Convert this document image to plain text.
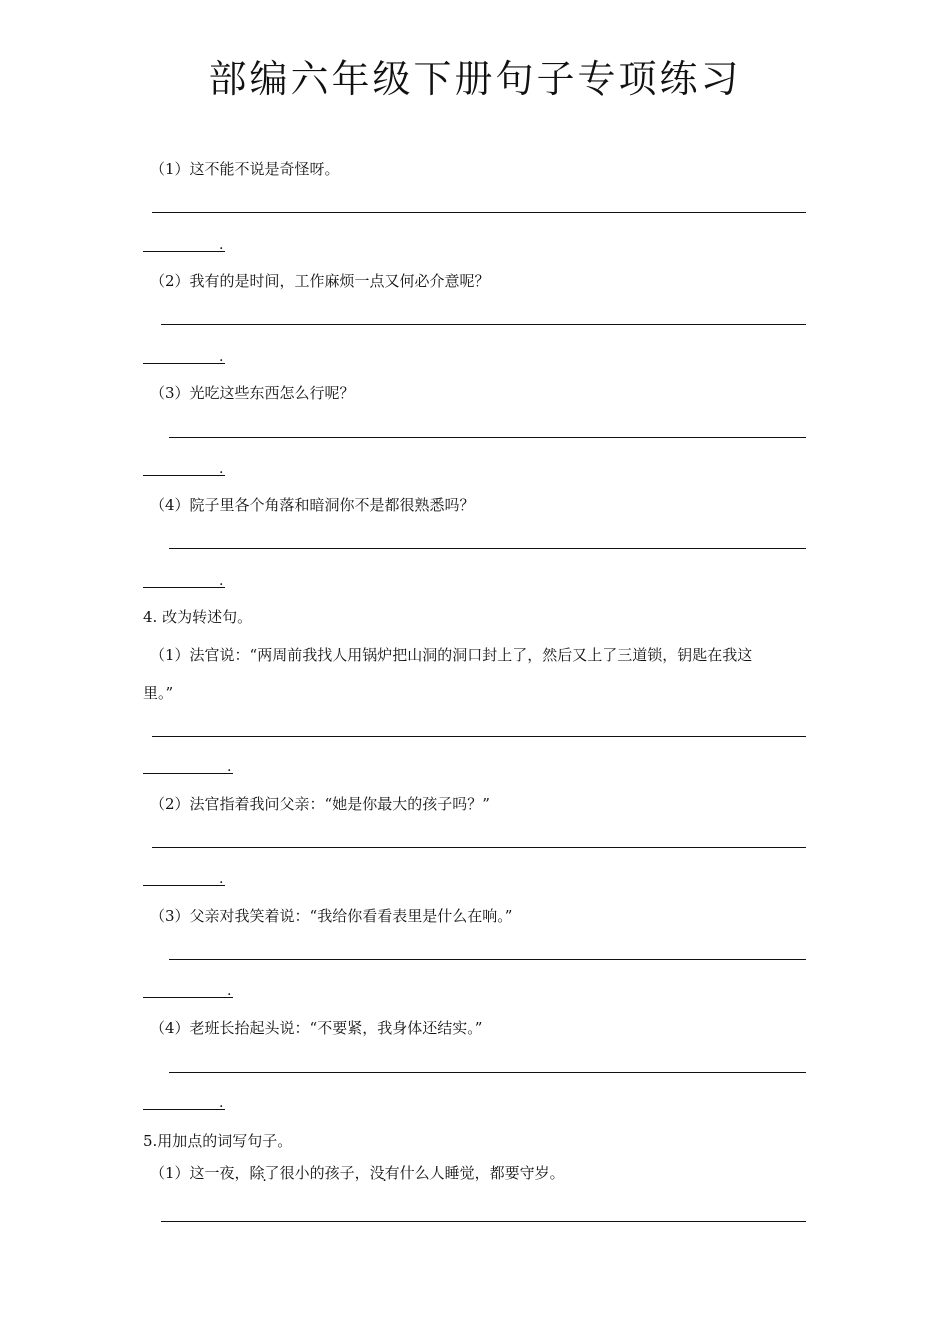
部编六年级下册句子专项练习
（1）这不能不说是奇怪呀。
.
（2）我有的是时间，工作麻烦一点又何必介意呢？
.
（3）光吃这些东西怎么行呢？
.
（4）院子里各个角落和暗洞你不是都很熟悉吗？
.
4. 改为转述句。
（1）法官说：“两周前我找人用锅炉把山洞的洞口封上了，然后又上了三道锁，钥匙在我这
里。”
.
（2）法官指着我问父亲：“她是你最大的孩子吗？”
.
（3）父亲对我笑着说：“我给你看看表里是什么在响。”
.
（4）老班长抬起头说：“不要紧，我身体还结实。”
.
5.用加点的词写句子。
（1）这一夜，除了很小的孩子，没有什么人睡觉，都要守岁。
